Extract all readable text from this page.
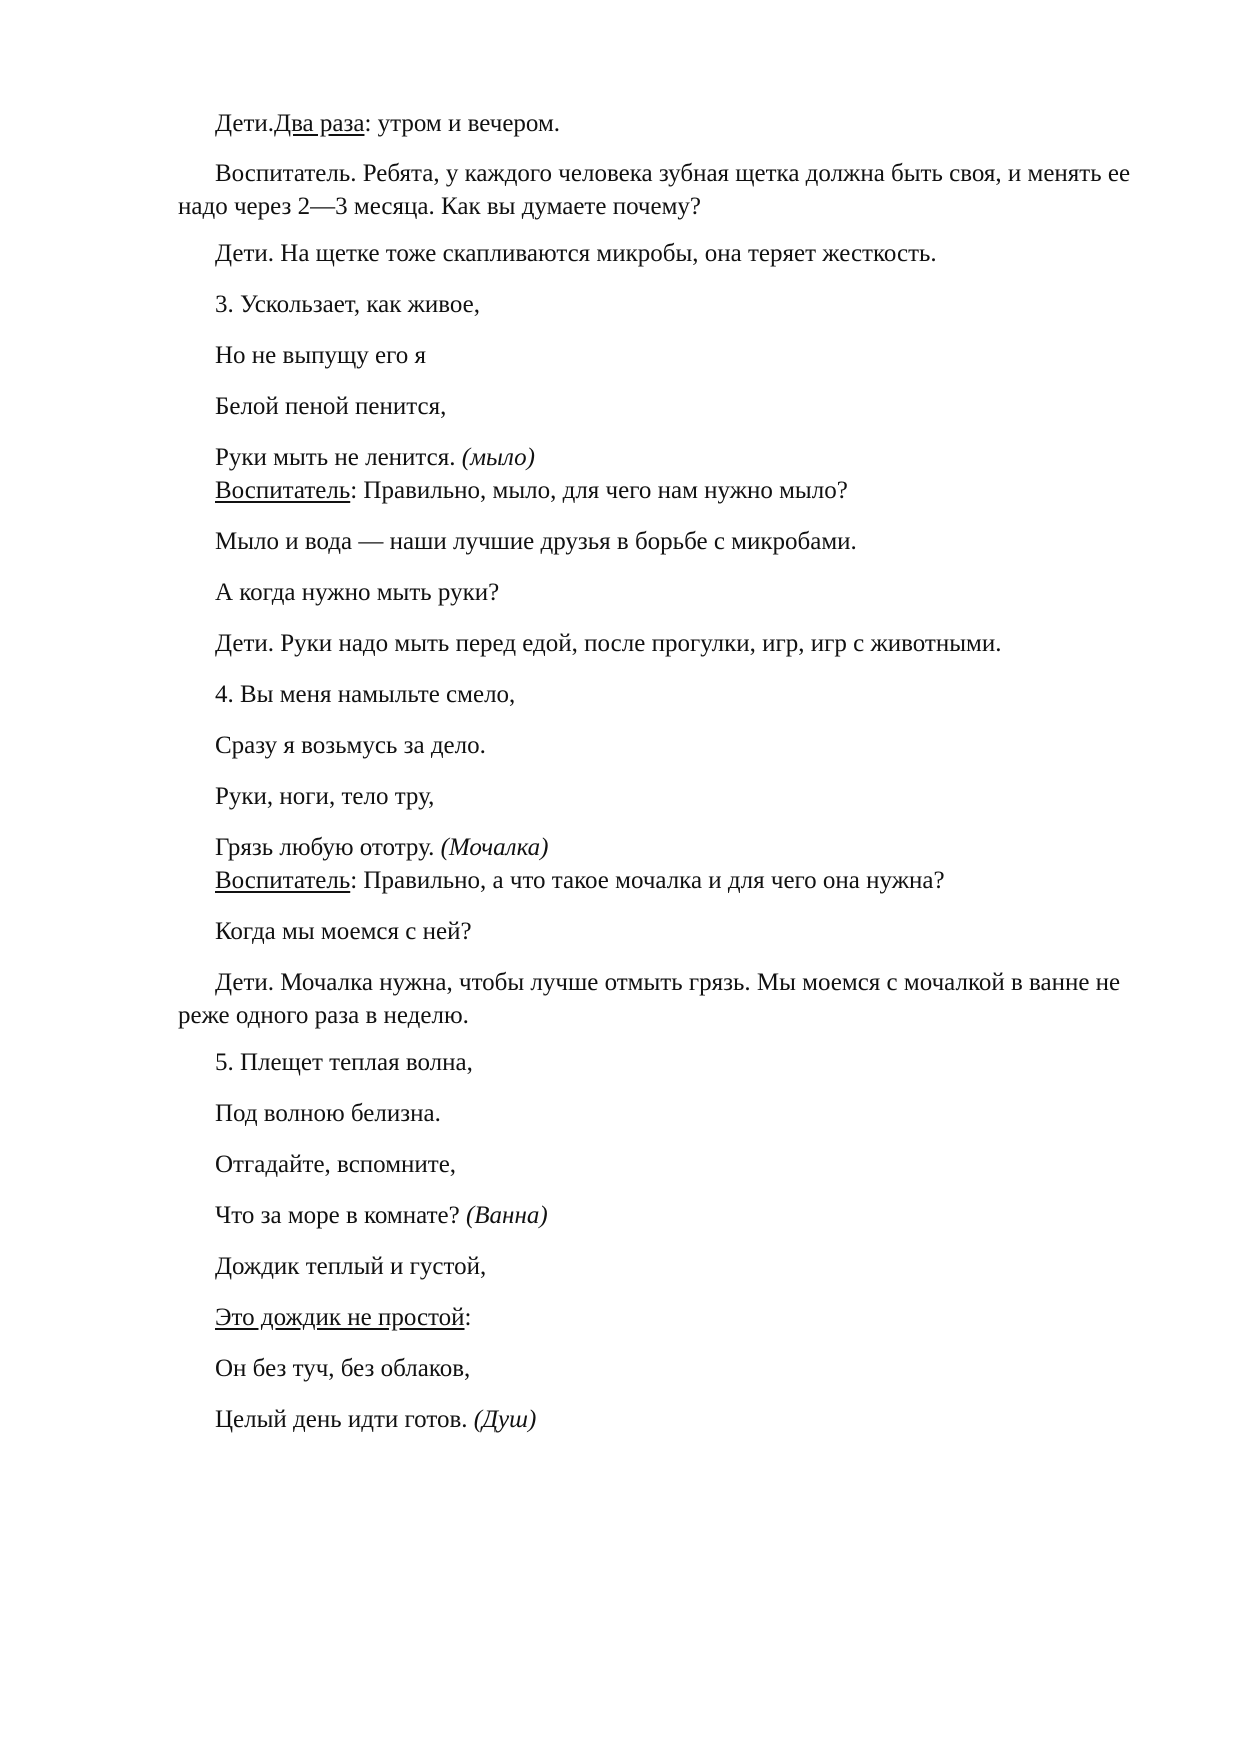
Дети.Два раза: утром и вечером.
Воспитатель. Ребята, у каждого человека зубная щетка должна быть своя, и менять ее надо через 2—3 месяца. Как вы думаете почему?
Дети. На щетке тоже скапливаются микробы, она теряет жесткость.
3. Ускользает, как живое,
Но не выпущу его я
Белой пеной пенится,
Руки мыть не ленится. (мыло)
Воспитатель: Правильно, мыло, для чего нам нужно мыло?
Мыло и вода — наши лучшие друзья в борьбе с микробами.
А когда нужно мыть руки?
Дети. Руки надо мыть перед едой, после прогулки, игр, игр с животными.
4. Вы меня намыльте смело,
Сразу я возьмусь за дело.
Руки, ноги, тело тру,
Грязь любую ототру. (Мочалка)
Воспитатель: Правильно, а что такое мочалка и для чего она нужна?
Когда мы моемся с ней?
Дети. Мочалка нужна, чтобы лучше отмыть грязь. Мы моемся с мочалкой в ванне не реже одного раза в неделю.
5. Плещет теплая волна,
Под волною белизна.
Отгадайте, вспомните,
Что за море в комнате? (Ванна)
Дождик теплый и густой,
Это дождик не простой:
Он без туч, без облаков,
Целый день идти готов. (Душ)
